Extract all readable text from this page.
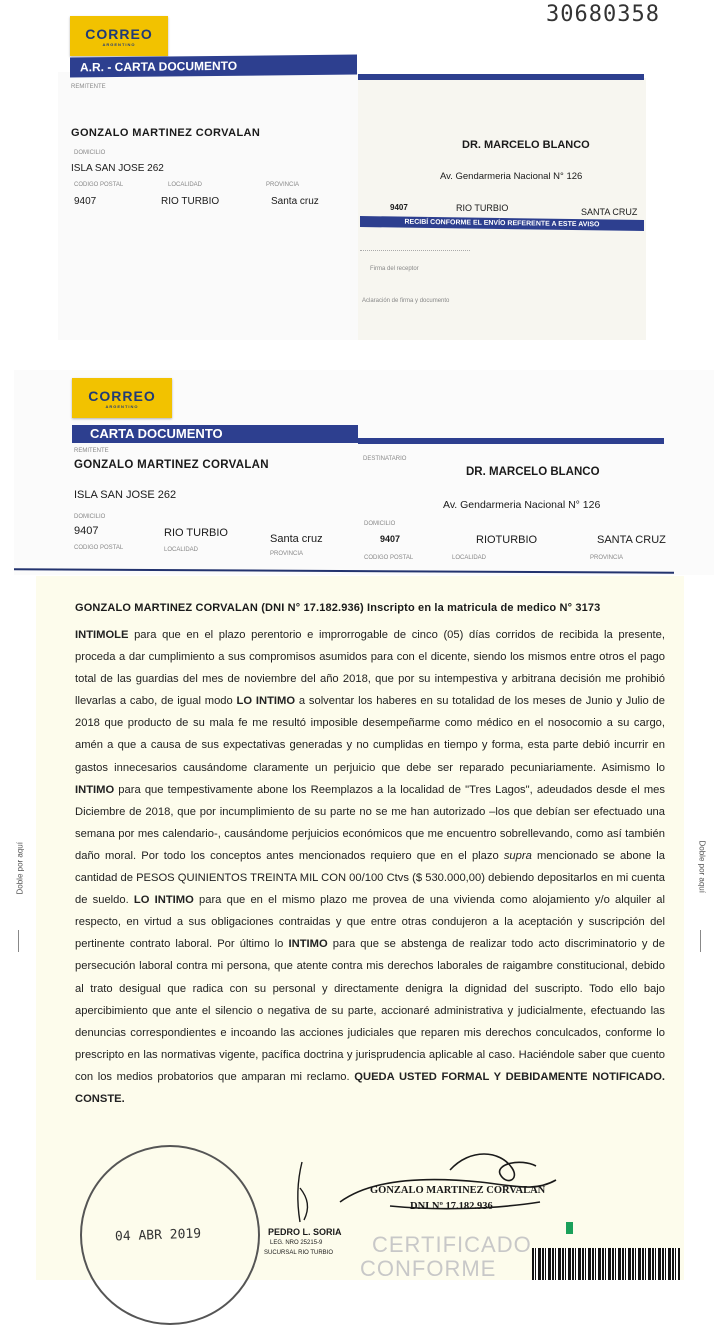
30680358
CORREO
ARGENTINO
A.R. - CARTA DOCUMENTO
REMITENTE
GONZALO MARTINEZ CORVALAN
DOMICILIO
ISLA SAN JOSE 262
CODIGO POSTAL	LOCALIDAD	PROVINCIA
9407	RIO TURBIO	Santa cruz
DR. MARCELO BLANCO
Av. Gendarmeria Nacional N° 126
9407	RIO TURBIO	SANTA CRUZ
RECIBÍ CONFORME EL ENVÍO REFERENTE A ESTE AVISO
Firma del receptor
Aclaración de firma y documento
CORREO
ARGENTINO
CARTA DOCUMENTO
REMITENTE
GONZALO MARTINEZ CORVALAN
ISLA SAN JOSE 262
DOMICILIO
9407	RIO TURBIO	Santa cruz
CODIGO POSTAL	LOCALIDAD
PROVINCIA
DESTINATARIO
DR. MARCELO BLANCO
Av. Gendarmeria Nacional N° 126
DOMICILIO
9407	RIOTURBIO	SANTA CRUZ
CODIGO POSTAL	LOCALIDAD	PROVINCIA
GONZALO MARTINEZ CORVALAN (DNI N° 17.182.936) Inscripto en la matricula de medico N° 3173
INTIMOLE para que en el plazo perentorio e improrrogable de cinco (05) días corridos de recibida la presente, proceda a dar cumplimiento a sus compromisos asumidos para con el dicente, siendo los mismos entre otros el pago total de las guardias del mes de noviembre del año 2018, que por su intempestiva y arbitrana decisión me prohibió llevarlas a cabo, de igual modo LO INTIMO a solventar los haberes en su totalidad de los meses de Junio y Julio de 2018 que producto de su mala fe me resultó imposible desempeñarme como médico en el nosocomio a su cargo, amén a que a causa de sus expectativas generadas y no cumplidas en tiempo y forma, esta parte debió incurrir en gastos innecesarios causándome claramente un perjuicio que debe ser reparado pecuniariamente. Asimismo lo INTIMO para que tempestivamente abone los Reemplazos a la localidad de "Tres Lagos", adeudados desde el mes Diciembre de 2018, que por incumplimiento de su parte no se me han autorizado –los que debían ser efectuado una semana por mes calendario-, causándome perjuicios económicos que me encuentro sobrellevando, como así también daño moral. Por todo los conceptos antes mencionados requiero que en el plazo supra mencionado se abone la cantidad de PESOS QUINIENTOS TREINTA MIL CON 00/100 Ctvs ($ 530.000,00) debiendo depositarlos en mi cuenta de sueldo. LO INTIMO para que en el mismo plazo me provea de una vivienda como alojamiento y/o alquiler al respecto, en virtud a sus obligaciones contraidas y que entre otras condujeron a la aceptación y suscripción del pertinente contrato laboral. Por último lo INTIMO para que se abstenga de realizar todo acto discriminatorio y de persecución laboral contra mi persona, que atente contra mis derechos laborales de raigambre constitucional, debido al trato desigual que radica con su personal y directamente denigra la dignidad del suscripto. Todo ello bajo apercibimiento que ante el silencio o negativa de su parte, accionaré administrativa y judicialmente, efectuando las denuncias correspondientes e incoando las acciones judiciales que reparen mis derechos conculcados, conforme lo prescripto en las normativas vigente, pacífica doctrina y jurisprudencia aplicable al caso. Haciéndole saber que cuento con los medios probatorios que amparan mi reclamo. QUEDA USTED FORMAL Y DEBIDAMENTE NOTIFICADO. CONSTE.
Doble por aquí	Doble por aquí
GONZALO MARTINEZ CORVALAN
DNI Nº 17.182.936
04 ABR 2019	PEDRO L. SORIA
LEG. NRO 25215-9
SUCURSAL RIO TURBIO CERTIFICADO
CONFORME
